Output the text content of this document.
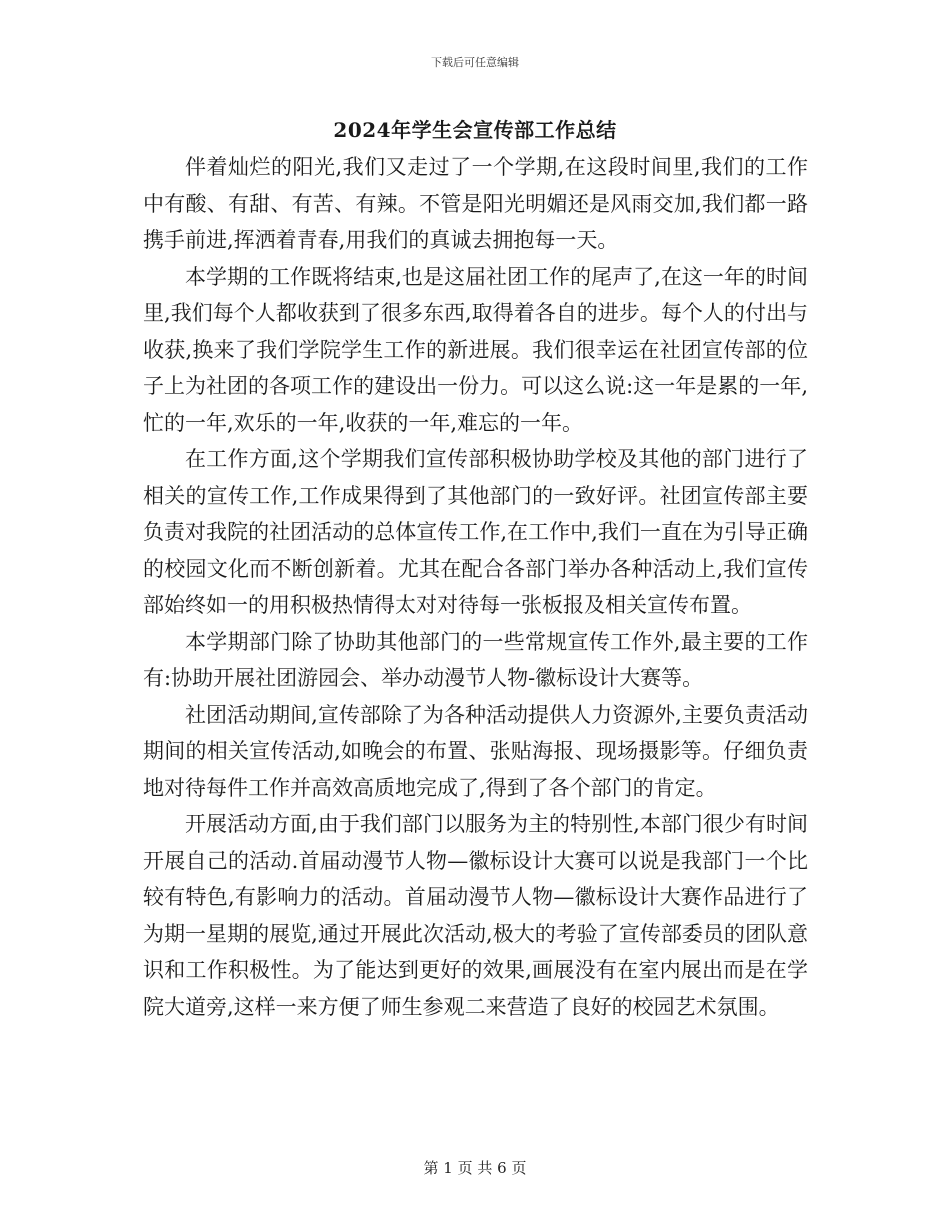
下载后可任意编辑
2024年学生会宣传部工作总结

伴着灿烂的阳光,我们又走过了一个学期,在这段时间里,我们的工作中有酸、有甜、有苦、有辣。不管是阳光明媚还是风雨交加,我们都一路携手前进,挥洒着青春,用我们的真诚去拥抱每一天。

本学期的工作既将结束,也是这届社团工作的尾声了,在这一年的时间里,我们每个人都收获到了很多东西,取得着各自的进步。每个人的付出与收获,换来了我们学院学生工作的新进展。我们很幸运在社团宣传部的位子上为社团的各项工作的建设出一份力。可以这么说:这一年是累的一年,忙的一年,欢乐的一年,收获的一年,难忘的一年。

在工作方面,这个学期我们宣传部积极协助学校及其他的部门进行了相关的宣传工作,工作成果得到了其他部门的一致好评。社团宣传部主要负责对我院的社团活动的总体宣传工作,在工作中,我们一直在为引导正确的校园文化而不断创新着。尤其在配合各部门举办各种活动上,我们宣传部始终如一的用积极热情得太对对待每一张板报及相关宣传布置。

本学期部门除了协助其他部门的一些常规宣传工作外,最主要的工作有:协助开展社团游园会、举办动漫节人物-徽标设计大赛等。

社团活动期间,宣传部除了为各种活动提供人力资源外,主要负责活动期间的相关宣传活动,如晚会的布置、张贴海报、现场摄影等。仔细负责地对待每件工作并高效高质地完成了,得到了各个部门的肯定。

开展活动方面,由于我们部门以服务为主的特别性,本部门很少有时间开展自己的活动.首届动漫节人物—徽标设计大赛可以说是我部门一个比较有特色,有影响力的活动。首届动漫节人物—徽标设计大赛作品进行了为期一星期的展览,通过开展此次活动,极大的考验了宣传部委员的团队意识和工作积极性。为了能达到更好的效果,画展没有在室内展出而是在学院大道旁,这样一来方便了师生参观二来营造了良好的校园艺术氛围。

第 1 页 共 6 页
